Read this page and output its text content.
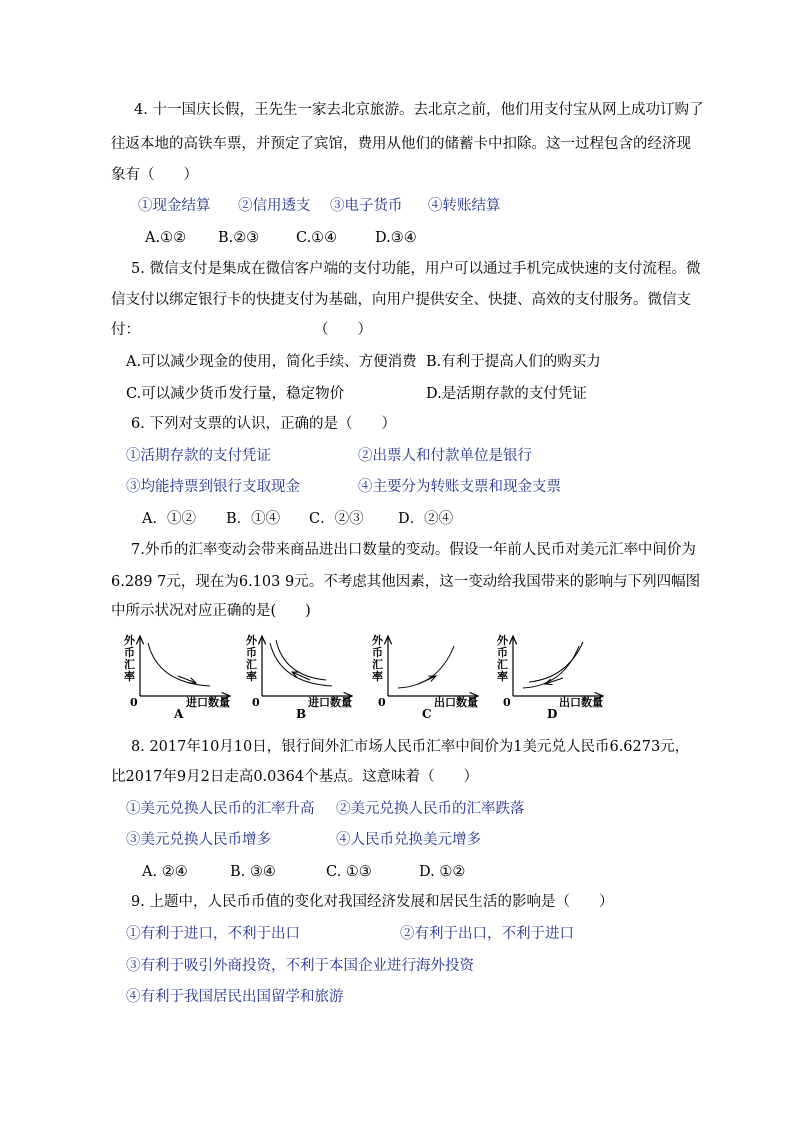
4. 十一国庆长假，王先生一家去北京旅游。去北京之前，他们用支付宝从网上成功订购了
往返本地的高铁车票，并预定了宾馆，费用从他们的储蓄卡中扣除。这一过程包含的经济现
象有（　　）
①现金结算 ②信用透支 ③电子货币 ④转账结算
A.①② B.②③	C.①④	D.③④
5. 微信支付是集成在微信客户端的支付功能，用户可以通过手机完成快速的支付流程。微
信支付以绑定银行卡的快捷支付为基础，向用户提供安全、快捷、高效的支付服务。微信支
付：　　　　　　　　　　　　　（　　）
A.可以减少现金的使用，简化手续、方便消费 B.有利于提高人们的购买力
C.可以减少货币发行量，稳定物价	D.是活期存款的支付凭证
6. 下列对支票的认识，正确的是（　　）
①活期存款的支付凭证	②出票人和付款单位是银行
③均能持票到银行支取现金	④主要分为转账支票和现金支票
A．①② B．①④ C．②③ D．②④
7.外币的汇率变动会带来商品进出口数量的变动。假设一年前人民币对美元汇率中间价为
6.289 7元，现在为6.103 9元。不考虑其他因素，这一变动给我国带来的影响与下列四幅图
中所示状况对应正确的是(　　)
外
币
汇
率
0	进口数量
A
外
币
汇
率
0	进口数量
B
外
币
汇
率
0	出口数量
C
外
币
汇
率
0	出口数量
D
8. 2017年10月10日，银行间外汇市场人民币汇率中间价为1美元兑人民币6.6273元，
比2017年9月2日走高0.0364个基点。这意味着（　　）
①美元兑换人民币的汇率升高 ②美元兑换人民币的汇率跌落
③美元兑换人民币增多	④人民币兑换美元增多
A. ②④	B. ③④	C. ①③	D. ①②
9. 上题中，人民币币值的变化对我国经济发展和居民生活的影响是（　　）
①有利于进口，不利于出口	②有利于出口，不利于进口
③有利于吸引外商投资，不利于本国企业进行海外投资
④有利于我国居民出国留学和旅游
